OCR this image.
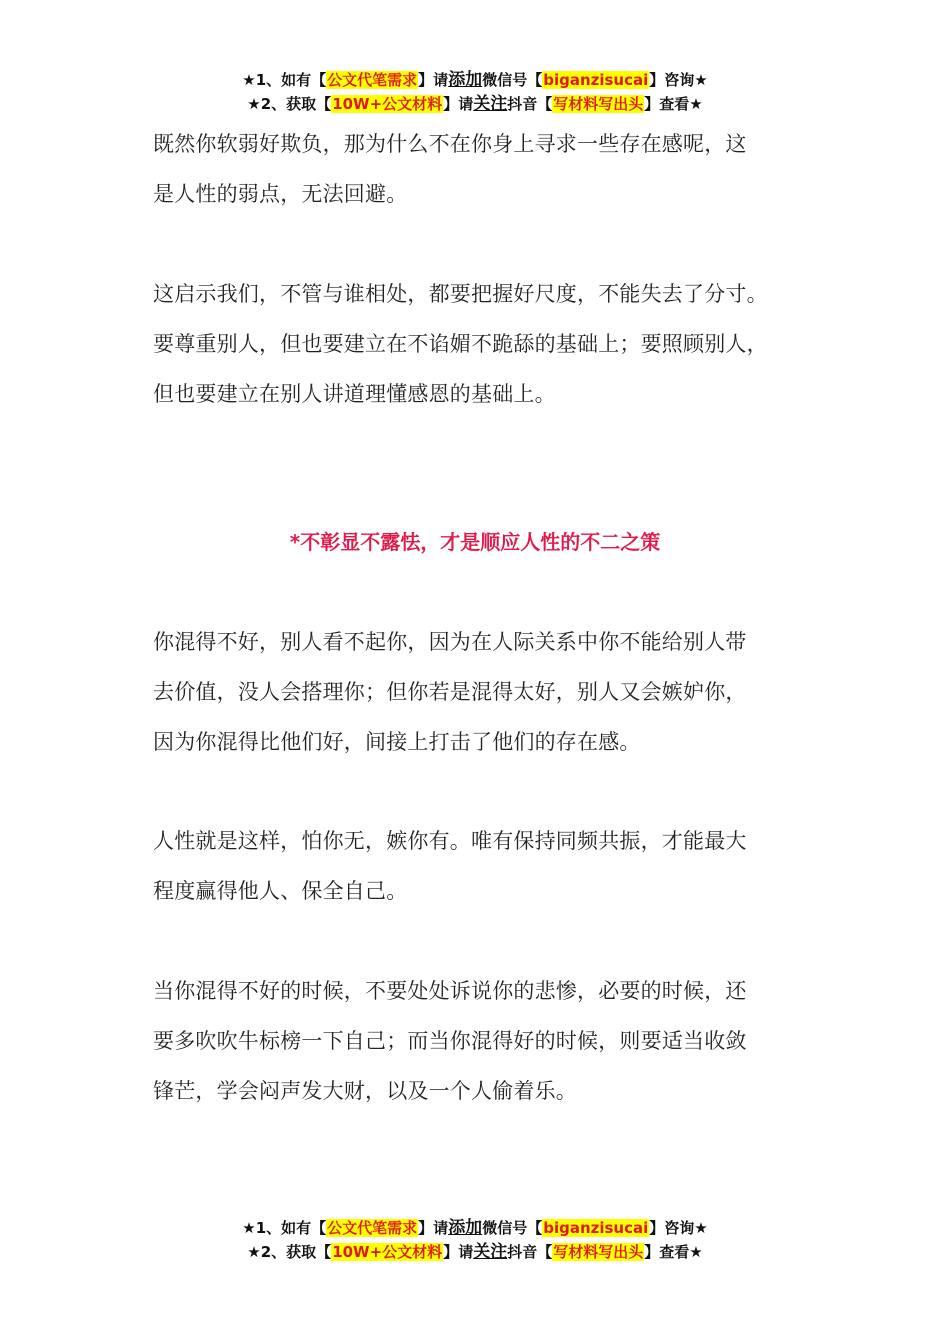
★1、如有【公文代笔需求】请添加微信号【biganzisucai】咨询★
★2、获取【10W+公文材料】请关注抖音【写材料写出头】查看★

既然你软弱好欺负，那为什么不在你身上寻求一些存在感呢，这

是人性的弱点，无法回避。

这启示我们，不管与谁相处，都要把握好尺度，不能失去了分寸。

要尊重别人，但也要建立在不谄媚不跪舔的基础上；要照顾别人，

但也要建立在别人讲道理懂感恩的基础上。

*不彰显不露怯，才是顺应人性的不二之策

你混得不好，别人看不起你，因为在人际关系中你不能给别人带

去价值，没人会搭理你；但你若是混得太好，别人又会嫉妒你，

因为你混得比他们好，间接上打击了他们的存在感。

人性就是这样，怕你无，嫉你有。唯有保持同频共振，才能最大

程度赢得他人、保全自己。

当你混得不好的时候，不要处处诉说你的悲惨，必要的时候，还

要多吹吹牛标榜一下自己；而当你混得好的时候，则要适当收敛

锋芒，学会闷声发大财，以及一个人偷着乐。

★1、如有【公文代笔需求】请添加微信号【biganzisucai】咨询★
★2、获取【10W+公文材料】请关注抖音【写材料写出头】查看★
